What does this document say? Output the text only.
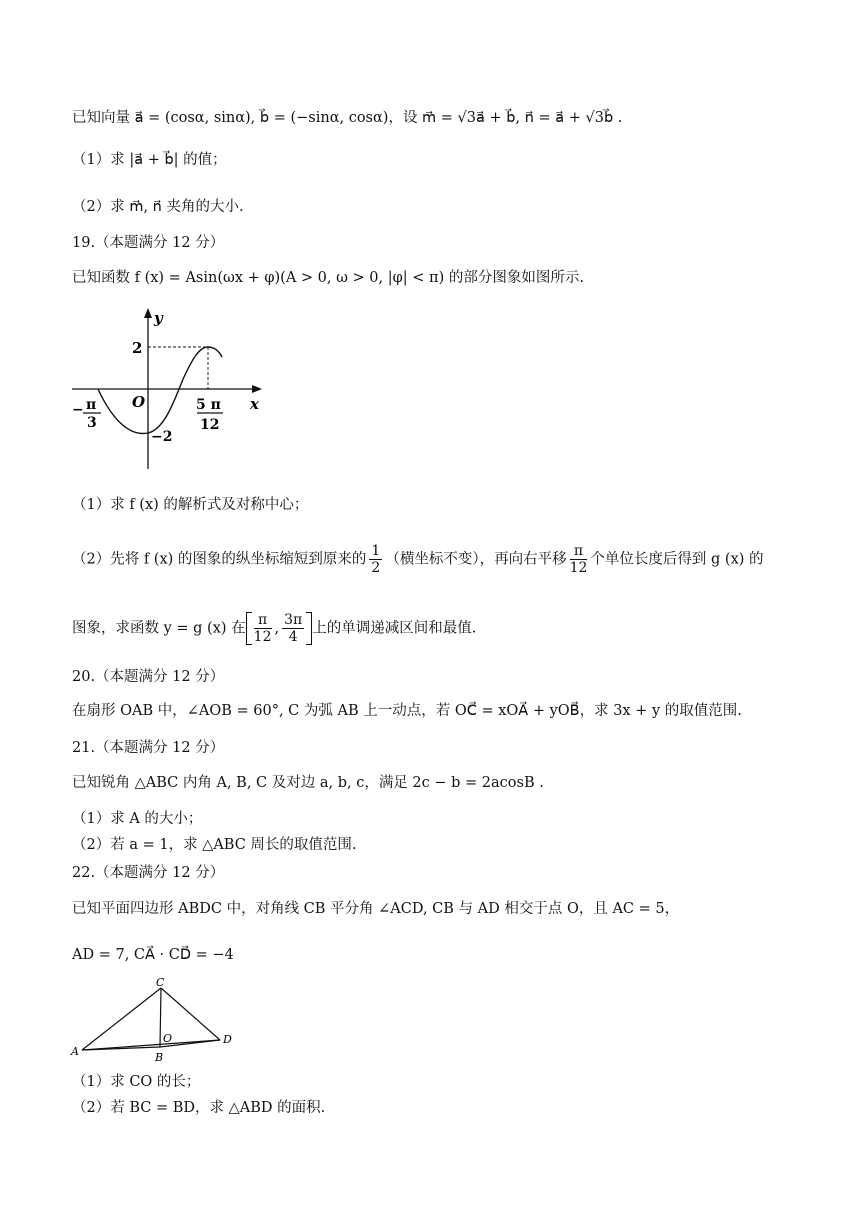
已知向量 a⃗ = (cosα, sinα), b⃗ = (−sinα, cosα)，设 m⃗ = √3a⃗ + b⃗, n⃗ = a⃗ + √3b⃗ .
（1）求 |a⃗ + b⃗| 的值；
（2）求 m⃗, n⃗ 夹角的大小.
19.（本题满分 12 分）
已知函数 f (x) = Asin(ωx + φ)(A > 0, ω > 0, |φ| < π) 的部分图象如图所示.
y
x
O
2
−2
− π
3
5 π
12
（1）求 f (x) 的解析式及对称中心；
（2）先将 f (x) 的图象的纵坐标缩短到原来的 $\frac{1}{2}$ （横坐标不变），再向右平移 $\frac{\pi}{12}$ 个单位长度后得到 g (x) 的
图象，求函数 y = g (x) 在 $\frac{\pi}{12}$ , $\frac{3\pi}{4}$ 上的单调递减区间和最值.
20.（本题满分 12 分）
在扇形 OAB 中，∠AOB = 60°, C 为弧 AB 上一动点，若 OC⃗ = xOA⃗ + yOB⃗，求 3x + y 的取值范围.
21.（本题满分 12 分）
已知锐角 △ABC 内角 A, B, C 及对边 a, b, c，满足 2c − b = 2acosB .
（1）求 A 的大小；
（2）若 a = 1，求 △ABC 周长的取值范围.
22.（本题满分 12 分）
已知平面四边形 ABDC 中，对角线 CB 平分角 ∠ACD, CB 与 AD 相交于点 O，且 AC = 5，
AD = 7, CA⃗ · CD⃗ = −4
C
A	B
D
O
（1）求 CO 的长；
（2）若 BC = BD，求 △ABD 的面积.
